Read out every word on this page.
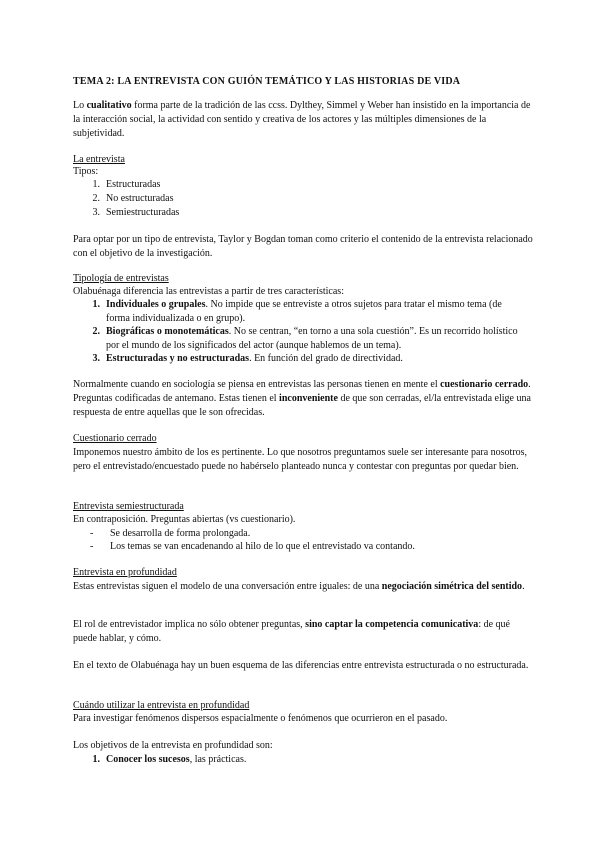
TEMA 2: LA ENTREVISTA CON GUIÓN TEMÁTICO Y LAS HISTORIAS DE VIDA
Lo cualitativo forma parte de la tradición de las ccss. Dylthey, Simmel y Weber han insistido en la importancia de la interacción social, la actividad con sentido y creativa de los actores y las múltiples dimensiones de la subjetividad.
La entrevista
Tipos:
1. Estructuradas
2. No estructuradas
3. Semiestructuradas
Para optar por un tipo de entrevista, Taylor y Bogdan toman como criterio el contenido de la entrevista relacionado con el objetivo de la investigación.
Tipología de entrevistas
Olabuénaga diferencia las entrevistas a partir de tres características:
1. Individuales o grupales. No impide que se entreviste a otros sujetos para tratar el mismo tema (de forma individualizada o en grupo).
2. Biográficas o monotemáticas. No se centran, “en torno a una sola cuestión”. Es un recorrido holístico por el mundo de los significados del actor (aunque hablemos de un tema).
3. Estructuradas y no estructuradas. En función del grado de directividad.
Normalmente cuando en sociología se piensa en entrevistas las personas tienen en mente el cuestionario cerrado. Preguntas codificadas de antemano. Estas tienen el inconveniente de que son cerradas, el/la entrevistada elige una respuesta de entre aquellas que le son ofrecidas.
Cuestionario cerrado
Imponemos nuestro ámbito de los es pertinente. Lo que nosotros preguntamos suele ser interesante para nosotros, pero el entrevistado/encuestado puede no habérselo planteado nunca y contestar con preguntas por quedar bien.
Entrevista semiestructurada
En contraposición. Preguntas abiertas (vs cuestionario).
- Se desarrolla de forma prolongada.
- Los temas se van encadenando al hilo de lo que el entrevistado va contando.
Entrevista en profundidad
Estas entrevistas siguen el modelo de una conversación entre iguales: de una negociación simétrica del sentido.
El rol de entrevistador implica no sólo obtener preguntas, sino captar la competencia comunicativa: de qué puede hablar, y cómo.
En el texto de Olabuénaga hay un buen esquema de las diferencias entre entrevista estructurada o no estructurada.
Cuándo utilizar la entrevista en profundidad
Para investigar fenómenos dispersos espacialmente o fenómenos que ocurrieron en el pasado.
Los objetivos de la entrevista en profundidad son:
1. Conocer los sucesos, las prácticas.
